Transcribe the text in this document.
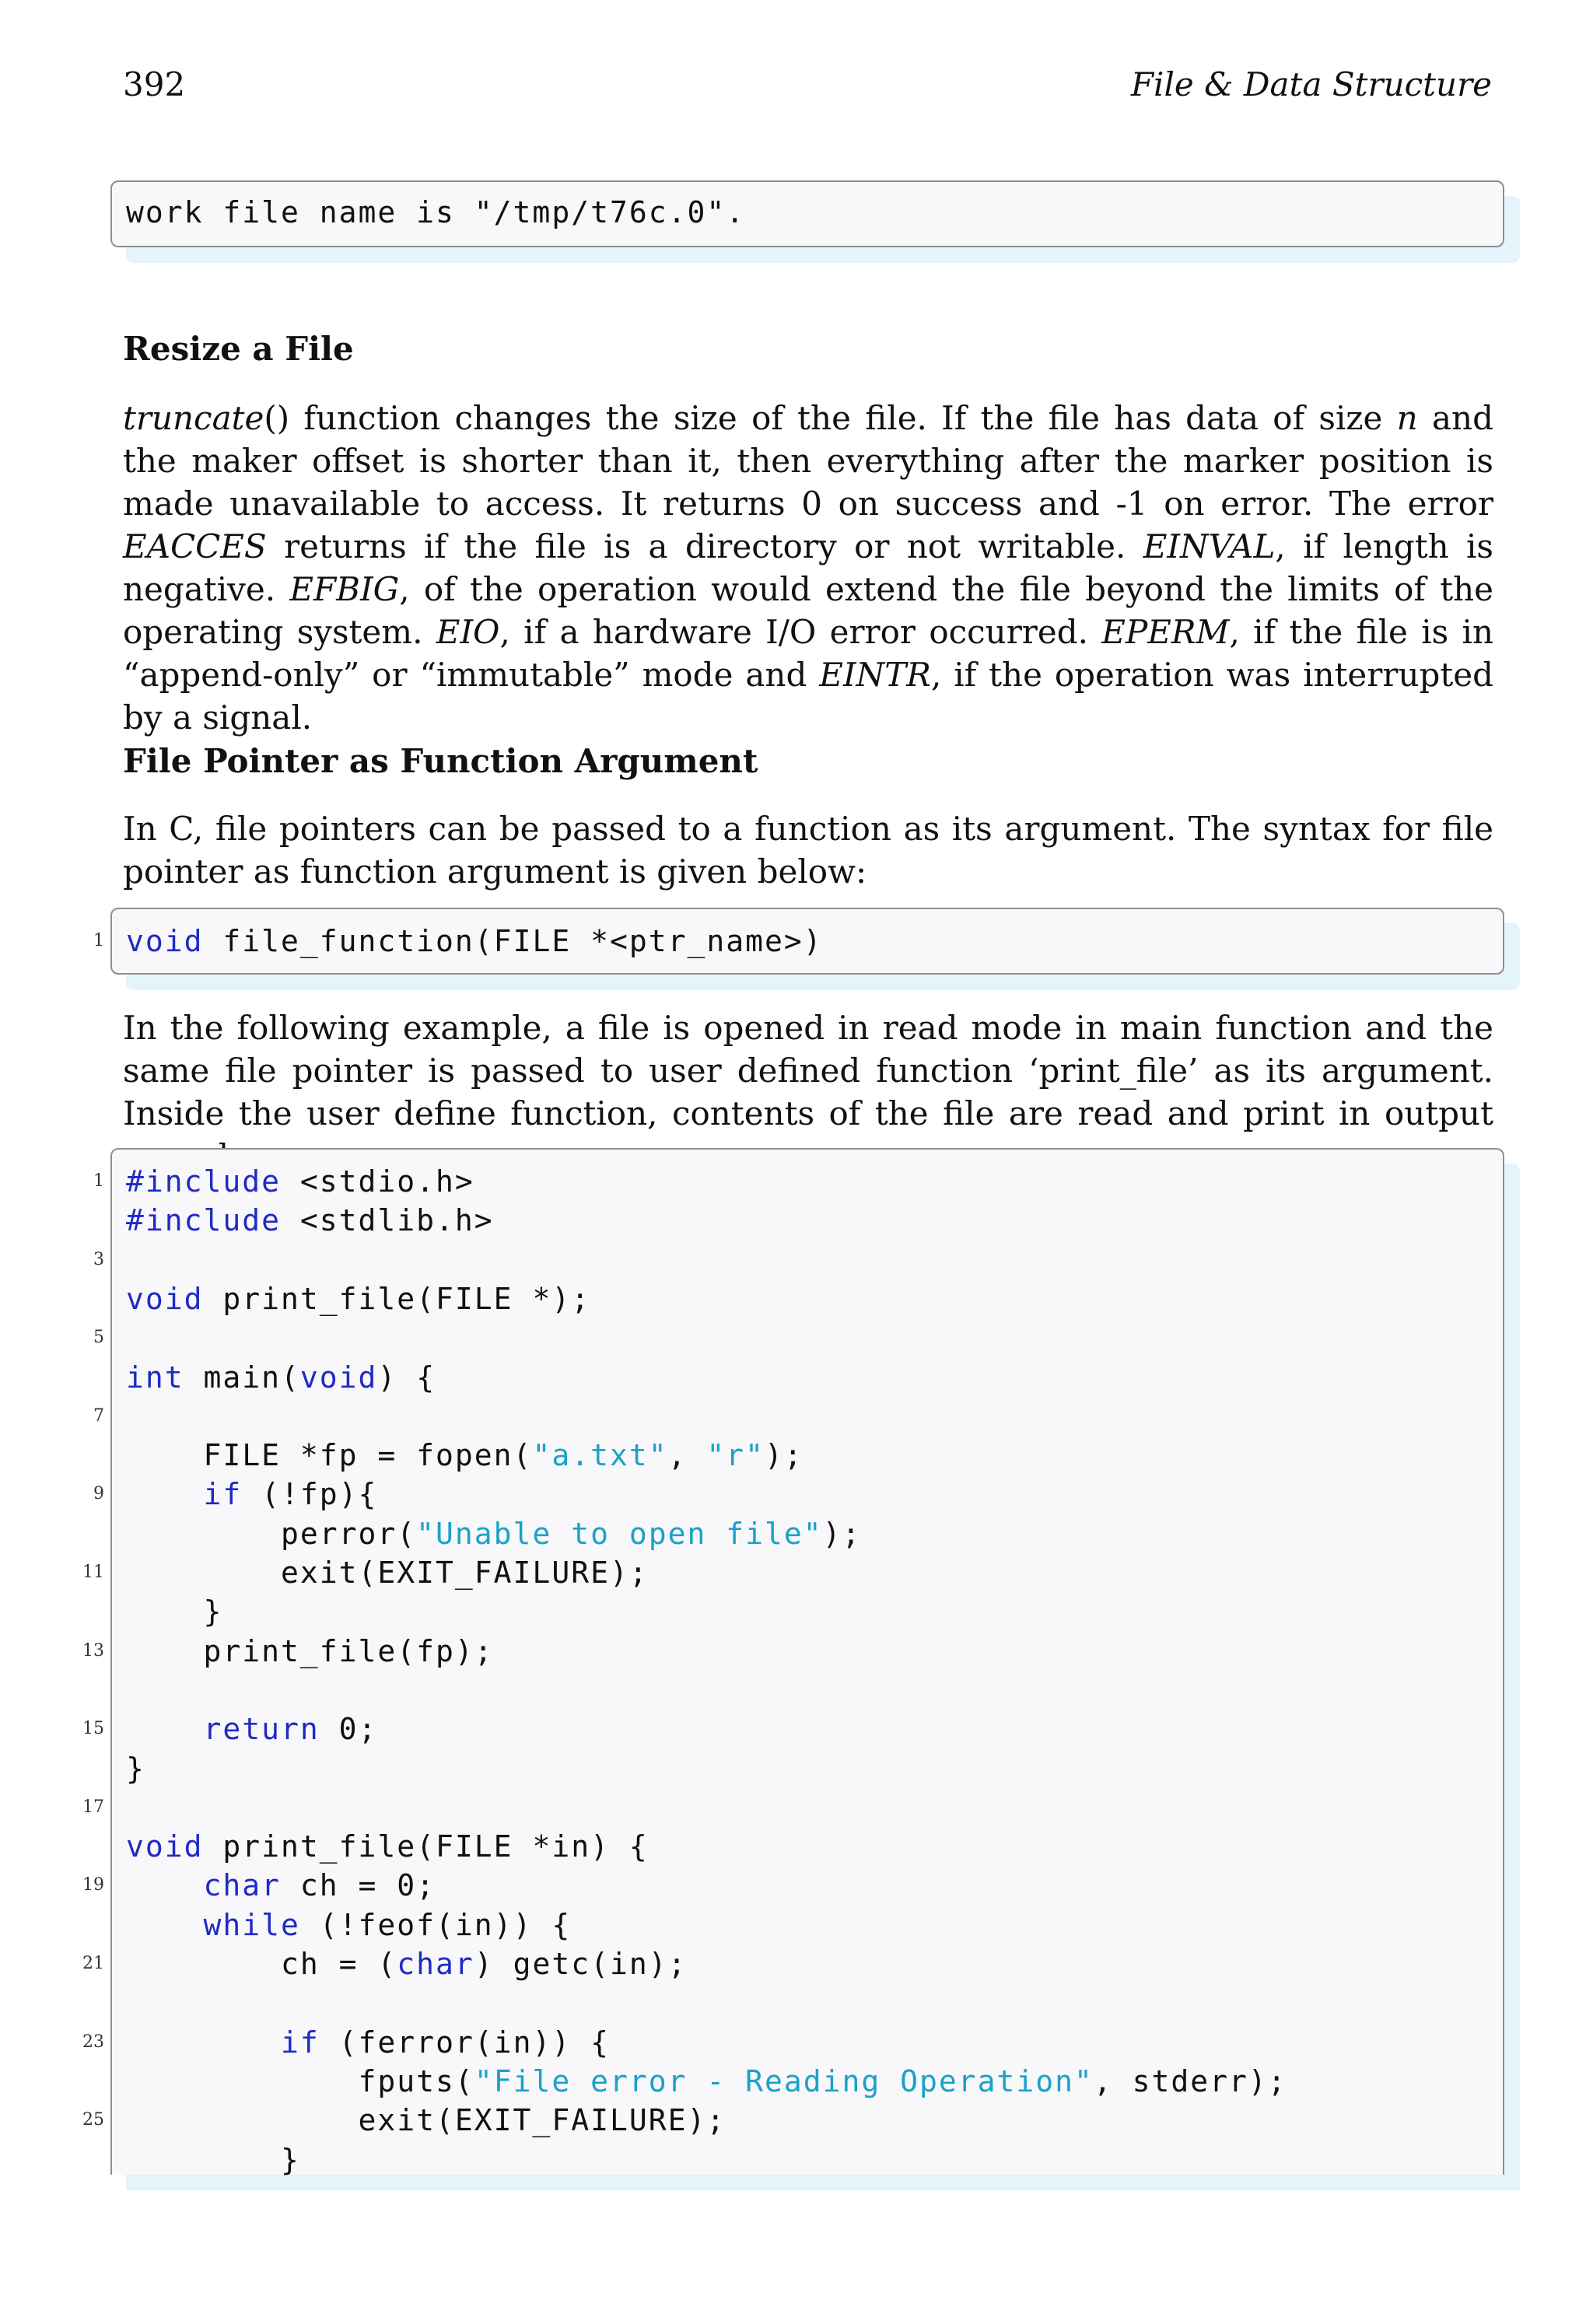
392	File & Data Structure
work file name is "/tmp/t76c.0".
Resize a File

truncate() function changes the size of the file. If the file has data of size n and the maker offset is shorter than it, then everything after the marker position is made unavailable to access. It returns 0 on success and -1 on error. The error EACCES returns if the file is a directory or not writable. EINVAL, if length is negative. EFBIG, of the operation would extend the file beyond the limits of the operating system. EIO, if a hardware I/O error occurred. EPERM, if the file is in “append-only” or “immutable” mode and EINTR, if the operation was interrupted by a signal.

File Pointer as Function Argument

In C, file pointers can be passed to a function as its argument. The syntax for file pointer as function argument is given below:

1 void file_function(FILE *<ptr_name>)

In the following example, a file is opened in read mode in main function and the same file pointer is passed to user defined function ‘print_file’ as its argument. Inside the user define function, contents of the file are read and print in output

1 #include <stdio.h>
#include <stdlib.h>
3
void print_file(FILE *);
5
int main(void) {
7
FILE *fp = fopen("a.txt", "r");
9	if (!fp){
perror("Unable to open file");
11 exit(EXIT_FAILURE);
}
13 print_file(fp);
15	return 0;
}
17
void print_file(FILE *in) {
19	char ch = 0;
while (!feof(in)) {
21 ch = (char) getc(in);
23	if (ferror(in)) {
fputs("File error - Reading Operation", stderr);
25 exit(EXIT_FAILURE);
}
